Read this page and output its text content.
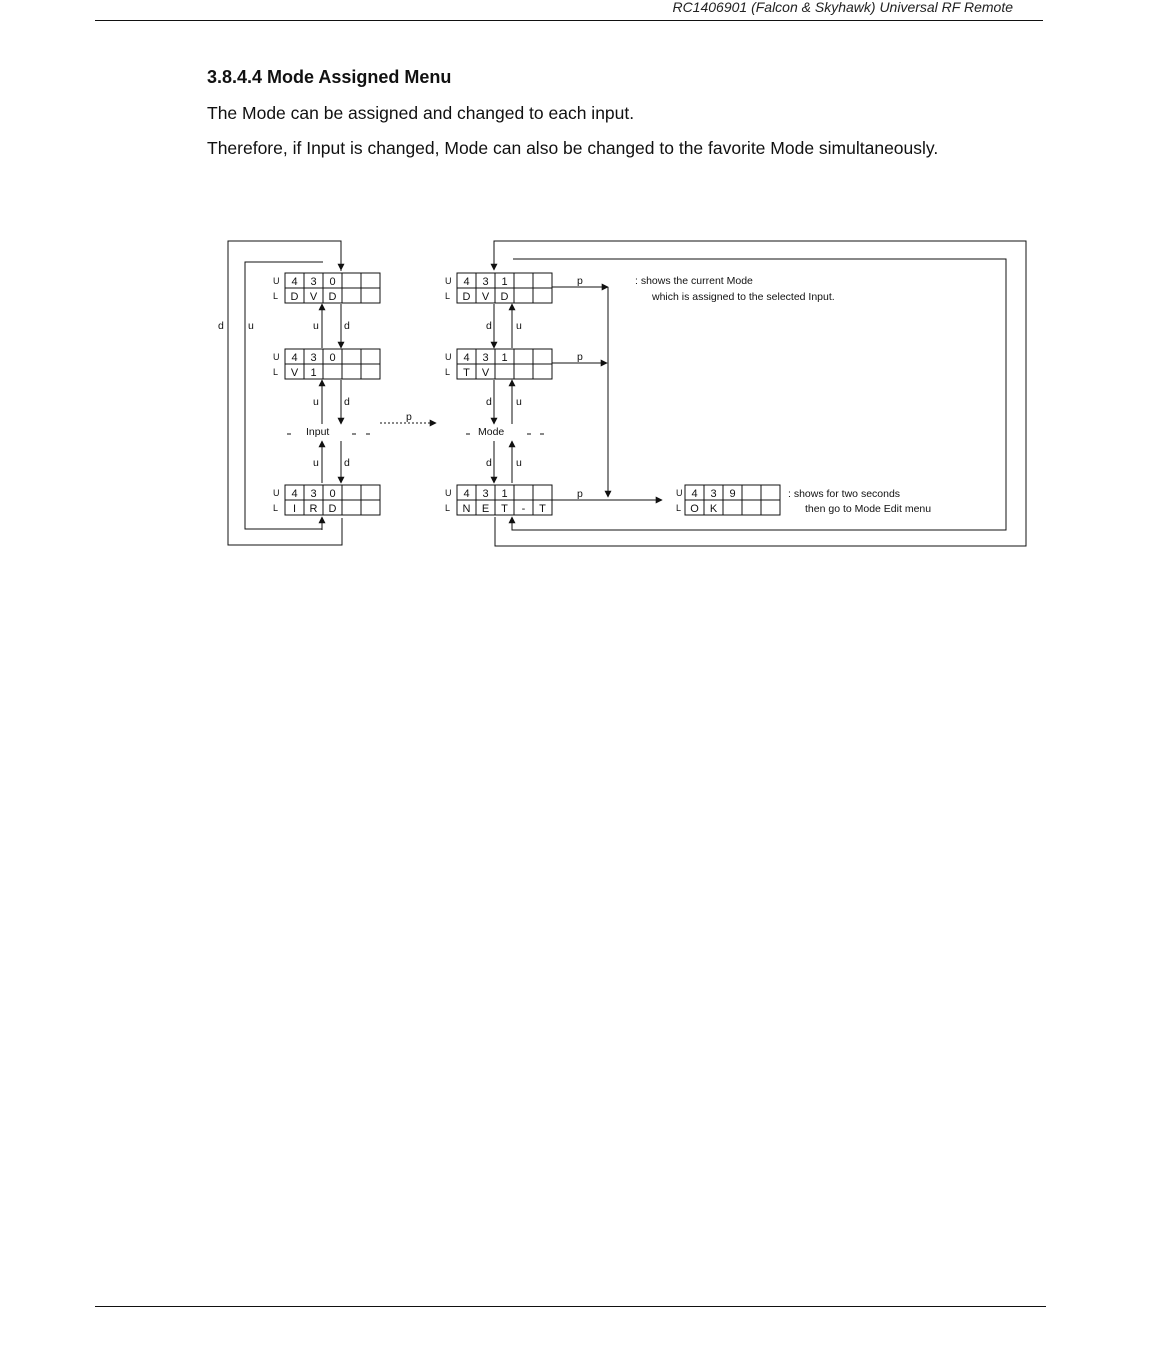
RC1406901 (Falcon & Skyhawk) Universal RF Remote
3.8.4.4 Mode Assigned Menu
The Mode can be assigned and changed to each input.
Therefore, if Input is changed, Mode can also be changed to the favorite Mode simultaneously.
U
L
4 3 0
D V D
U
L
4 3 0
V 1
U
L
4 3 0
I R D
U
L
4 3 1
D V D
U
L
4 3 1
T V
U
L
4 3 1
N E T - T
U
L
4 3 9
O K
d u	u d
u d
u d
d u
d u
d u
p
p
p
p
Input	Mode
: shows the current Mode
which is assigned to the selected Input.
: shows for two seconds
then go to Mode Edit menu
